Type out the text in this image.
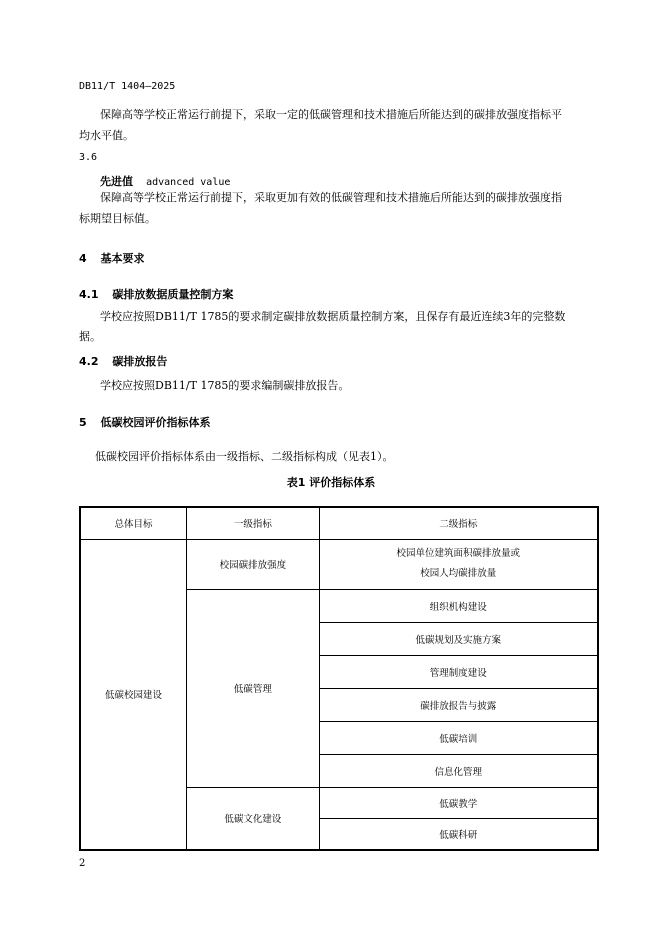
DB11/T 1404—2025
保障高等学校正常运行前提下，采取一定的低碳管理和技术措施后所能达到的碳排放强度指标平
均水平值。
3.6
先进值 advanced value
保障高等学校正常运行前提下，采取更加有效的低碳管理和技术措施后所能达到的碳排放强度指
标期望目标值。
4 基本要求
4.1 碳排放数据质量控制方案
学校应按照DB11/T 1785的要求制定碳排放数据质量控制方案，且保存有最近连续3年的完整数
据。
4.2 碳排放报告
学校应按照DB11/T 1785的要求编制碳排放报告。
5 低碳校园评价指标体系
低碳校园评价指标体系由一级指标、二级指标构成（见表1）。
表1 评价指标体系
总体目标	一级指标	二级指标
低碳校园建设	校园碳排放强度	校园单位建筑面积碳排放量或
校园人均碳排放量

	低碳管理	组织机构建设
		低碳规划及实施方案
		管理制度建设
		碳排放报告与披露
		低碳培训
		信息化管理
	低碳文化建设	低碳教学
		低碳科研
2
